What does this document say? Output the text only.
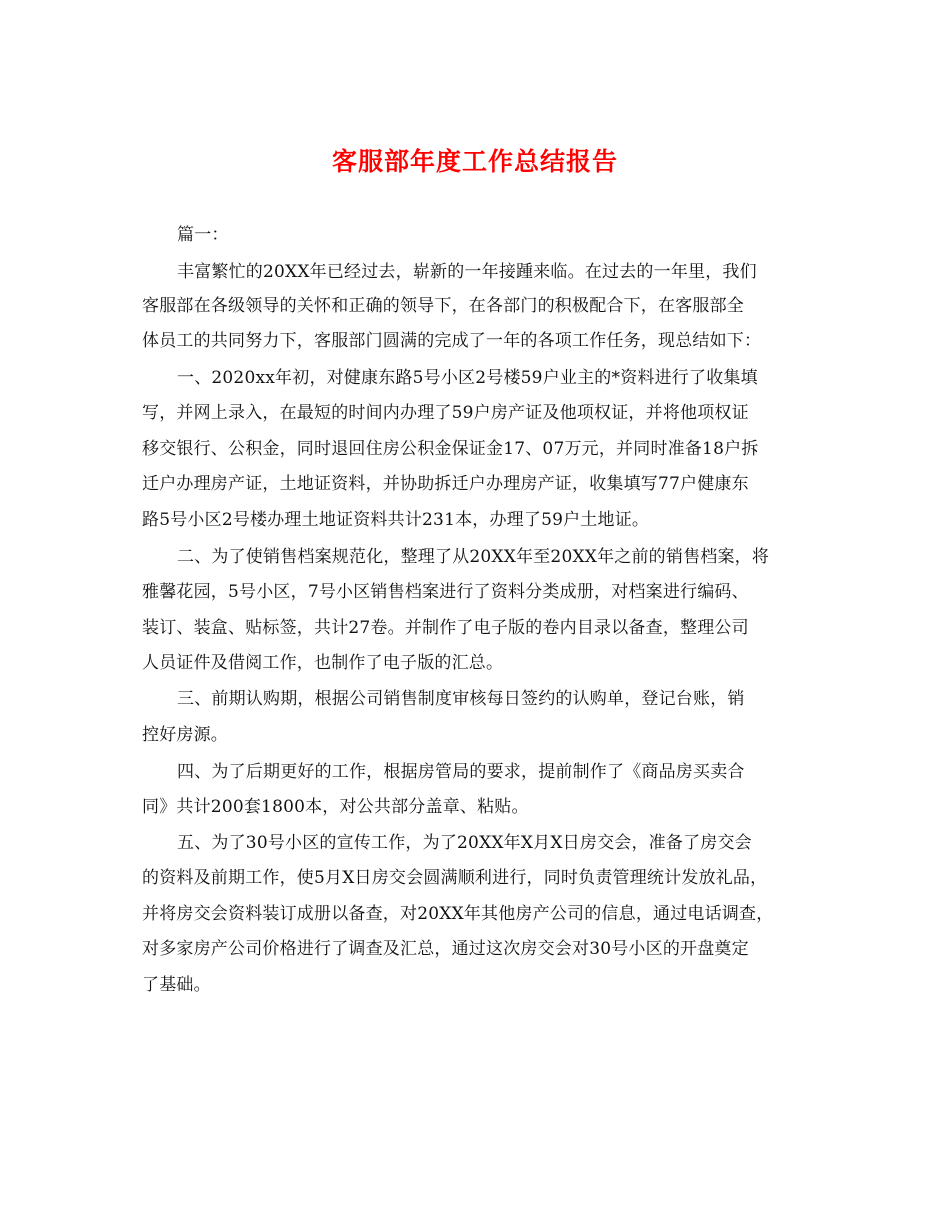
客服部年度工作总结报告
篇一：
丰富繁忙的20XX年已经过去，崭新的一年接踵来临。在过去的一年里，我们
客服部在各级领导的关怀和正确的领导下，在各部门的积极配合下，在客服部全
体员工的共同努力下，客服部门圆满的完成了一年的各项工作任务，现总结如下：
一、2020xx年初，对健康东路5号小区2号楼59户业主的*资料进行了收集填
写，并网上录入，在最短的时间内办理了59户房产证及他项权证，并将他项权证
移交银行、公积金，同时退回住房公积金保证金17、07万元，并同时准备18户拆
迁户办理房产证，土地证资料，并协助拆迁户办理房产证，收集填写77户健康东
路5号小区2号楼办理土地证资料共计231本，办理了59户土地证。
二、为了使销售档案规范化，整理了从20XX年至20XX年之前的销售档案，将
雅馨花园，5号小区，7号小区销售档案进行了资料分类成册，对档案进行编码、
装订、装盒、贴标签，共计27卷。并制作了电子版的卷内目录以备查，整理公司
人员证件及借阅工作，也制作了电子版的汇总。
三、前期认购期，根据公司销售制度审核每日签约的认购单，登记台账，销
控好房源。
四、为了后期更好的工作，根据房管局的要求，提前制作了《商品房买卖合
同》共计200套1800本，对公共部分盖章、粘贴。
五、为了30号小区的宣传工作，为了20XX年X月X日房交会，准备了房交会
的资料及前期工作，使5月X日房交会圆满顺利进行，同时负责管理统计发放礼品，
并将房交会资料装订成册以备查，对20XX年其他房产公司的信息，通过电话调查，
对多家房产公司价格进行了调查及汇总，通过这次房交会对30号小区的开盘奠定
了基础。
